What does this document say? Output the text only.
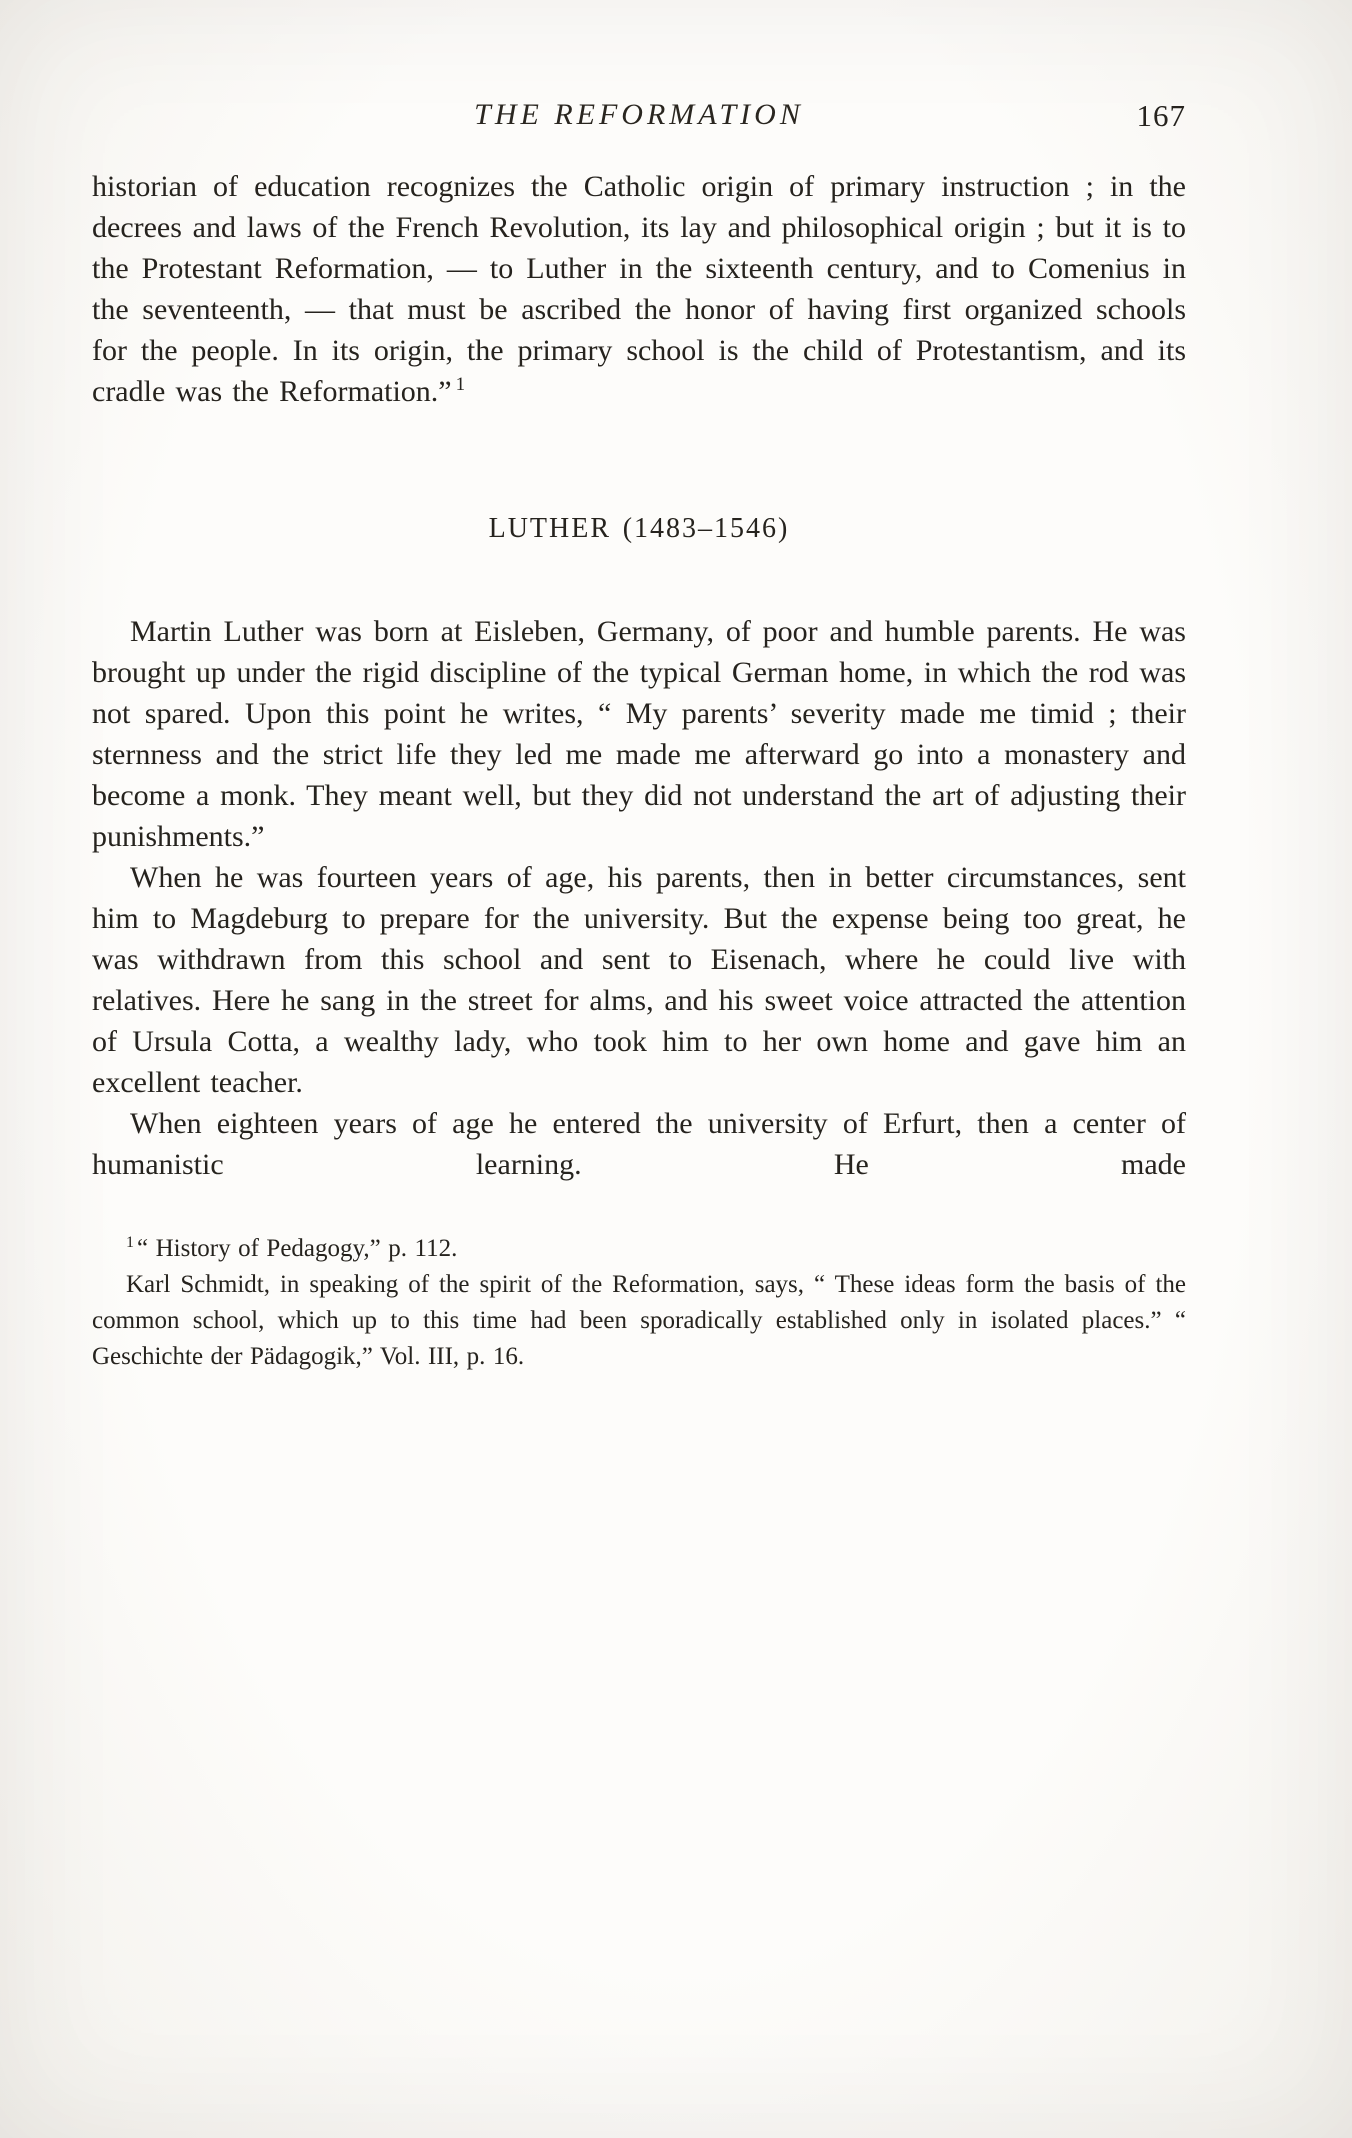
THE REFORMATION	167

historian of education recognizes the Catholic origin of primary instruction ; in the decrees and laws of the French Revolution, its lay and philosophical origin ; but it is to the Protestant Reformation, — to Luther in the sixteenth century, and to Comenius in the seventeenth, — that must be ascribed the honor of having first organized schools for the people. In its origin, the primary school is the child of Protestantism, and its cradle was the Reformation.” $^1$

LUTHER (1483–1546)

Martin Luther was born at Eisleben, Germany, of poor and humble parents. He was brought up under the rigid discipline of the typical German home, in which the rod was not spared. Upon this point he writes, “ My parents’ severity made me timid ; their sternness and the strict life they led me made me afterward go into a monastery and become a monk. They meant well, but they did not understand the art of adjusting their punishments.”

When he was fourteen years of age, his parents, then in better circumstances, sent him to Magdeburg to prepare for the university. But the expense being too great, he was withdrawn from this school and sent to Eisenach, where he could live with relatives. Here he sang in the street for alms, and his sweet voice attracted the attention of Ursula Cotta, a wealthy lady, who took him to her own home and gave him an excellent teacher.

When eighteen years of age he entered the university of Erfurt, then a center of humanistic learning. He made

$^1$ “ History of Pedagogy,” p. 112.

Karl Schmidt, in speaking of the spirit of the Reformation, says, “ These ideas form the basis of the common school, which up to this time had been sporadically established only in isolated places.” “ Geschichte der Pädagogik,” Vol. III, p. 16.
